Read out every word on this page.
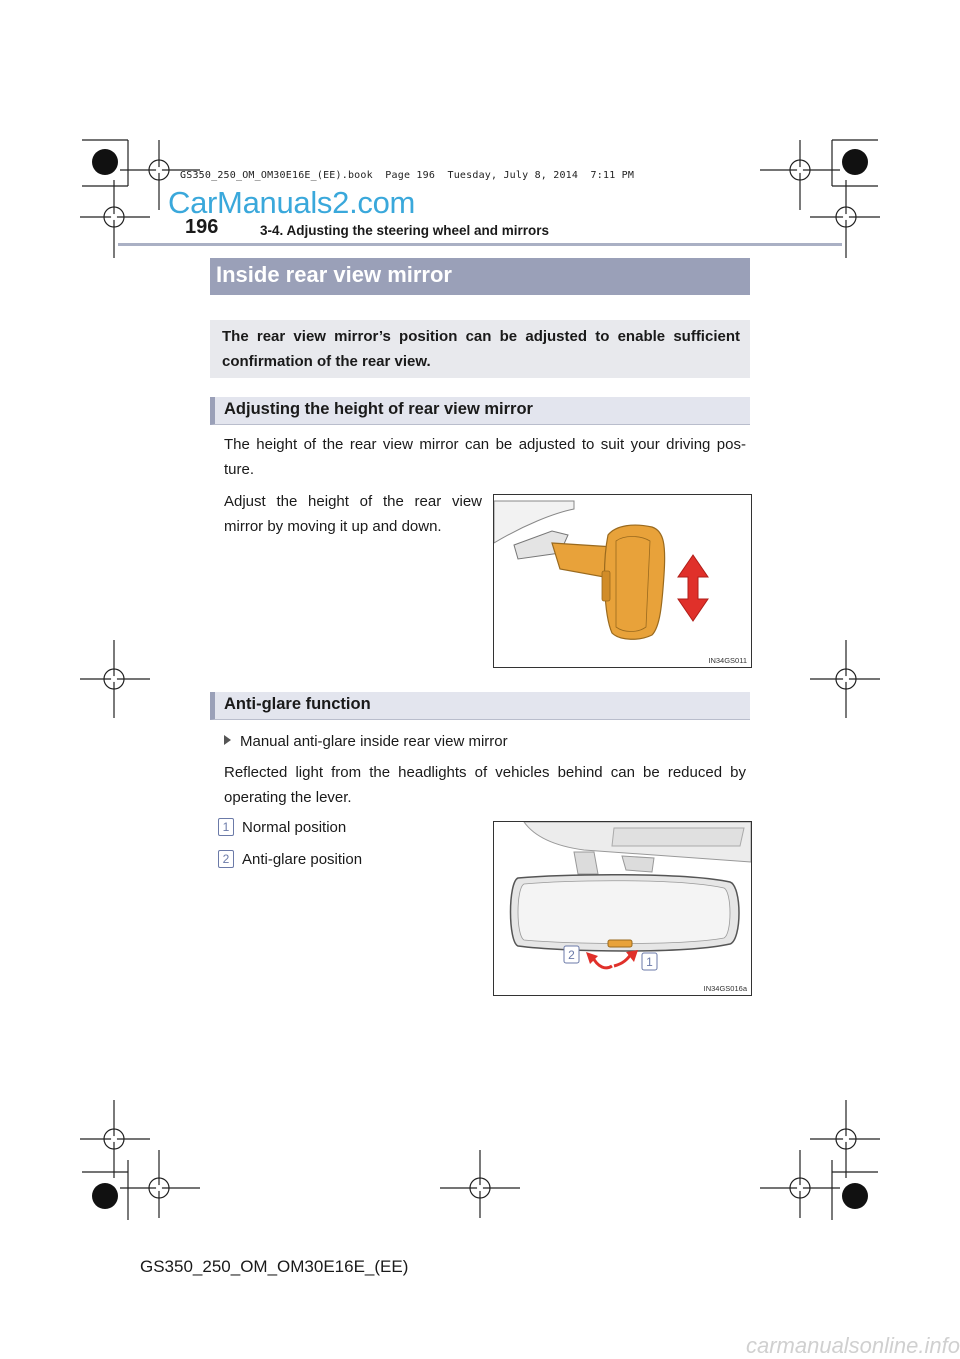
GS350_250_OM_OM30E16E_(EE).book  Page 196  Tuesday, July 8, 2014  7:11 PM
CarManuals2.com
196	3-4. Adjusting the steering wheel and mirrors
Inside rear view mirror

The rear view mirror’s position can be adjusted to enable sufficient confirmation of the rear view.

Adjusting the height of rear view mirror
The height of the rear view mirror can be adjusted to suit your driving pos- ture.
Adjust the height of the rear view mirror by moving it up and down.
IN34GS011
Anti-glare function
Manual anti-glare inside rear view mirror
Reflected light from the headlights of vehicles behind can be reduced by operating the lever.
1 Normal position
2 Anti-glare position
2	1
IN34GS016a
GS350_250_OM_OM30E16E_(EE)
carmanualsonline.info
